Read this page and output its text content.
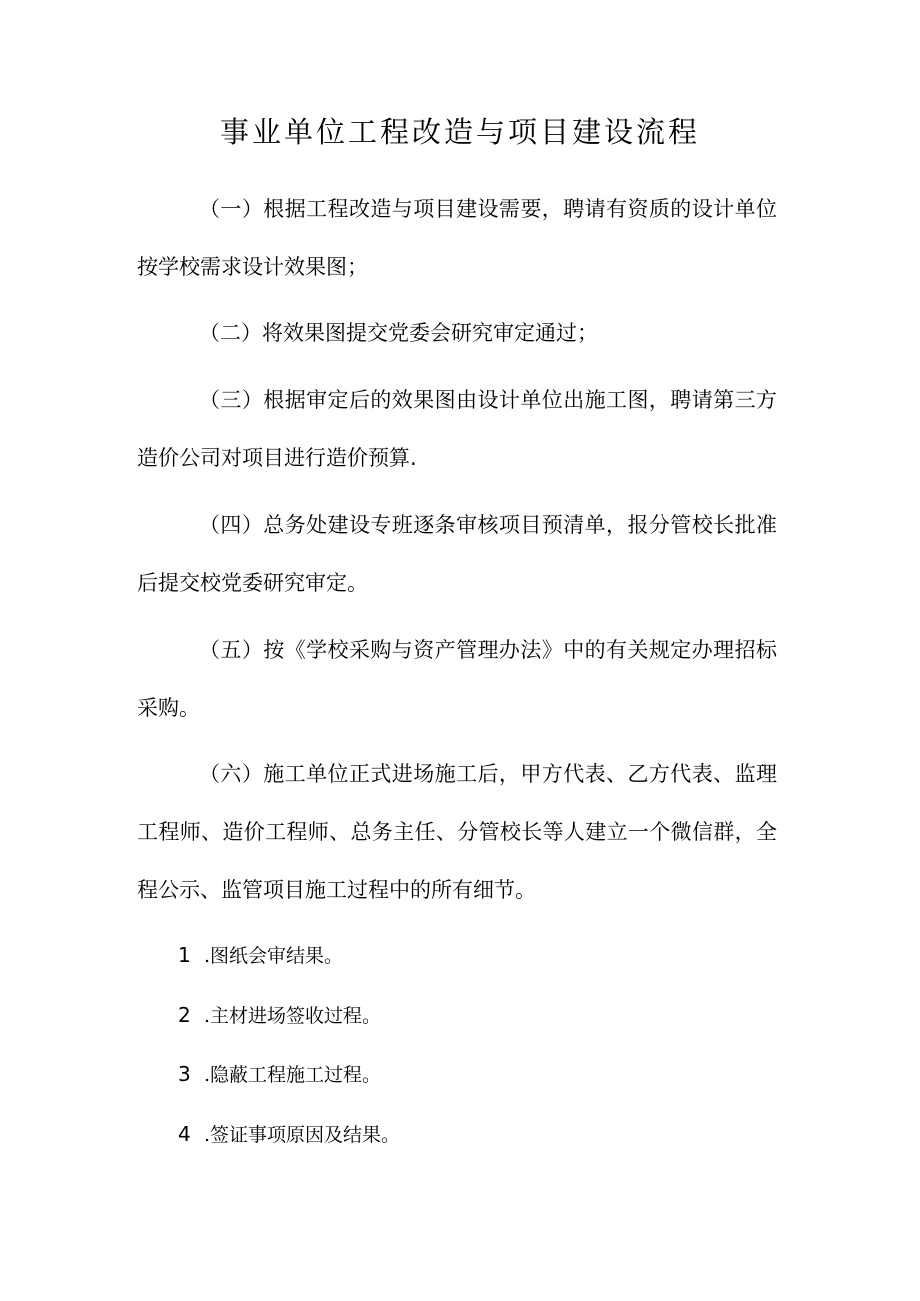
事业单位工程改造与项目建设流程

（一）根据工程改造与项目建设需要，聘请有资质的设计单位按学校需求设计效果图；

（二）将效果图提交党委会研究审定通过；

（三）根据审定后的效果图由设计单位出施工图，聘请第三方造价公司对项目进行造价预算.

（四）总务处建设专班逐条审核项目预清单，报分管校长批准后提交校党委研究审定。

（五）按《学校采购与资产管理办法》中的有关规定办理招标采购。

（六）施工单位正式进场施工后，甲方代表、乙方代表、监理工程师、造价工程师、总务主任、分管校长等人建立一个微信群，全程公示、监管项目施工过程中的所有细节。

1 .图纸会审结果。
2 .主材进场签收过程。
3 .隐蔽工程施工过程。
4 .签证事项原因及结果。
